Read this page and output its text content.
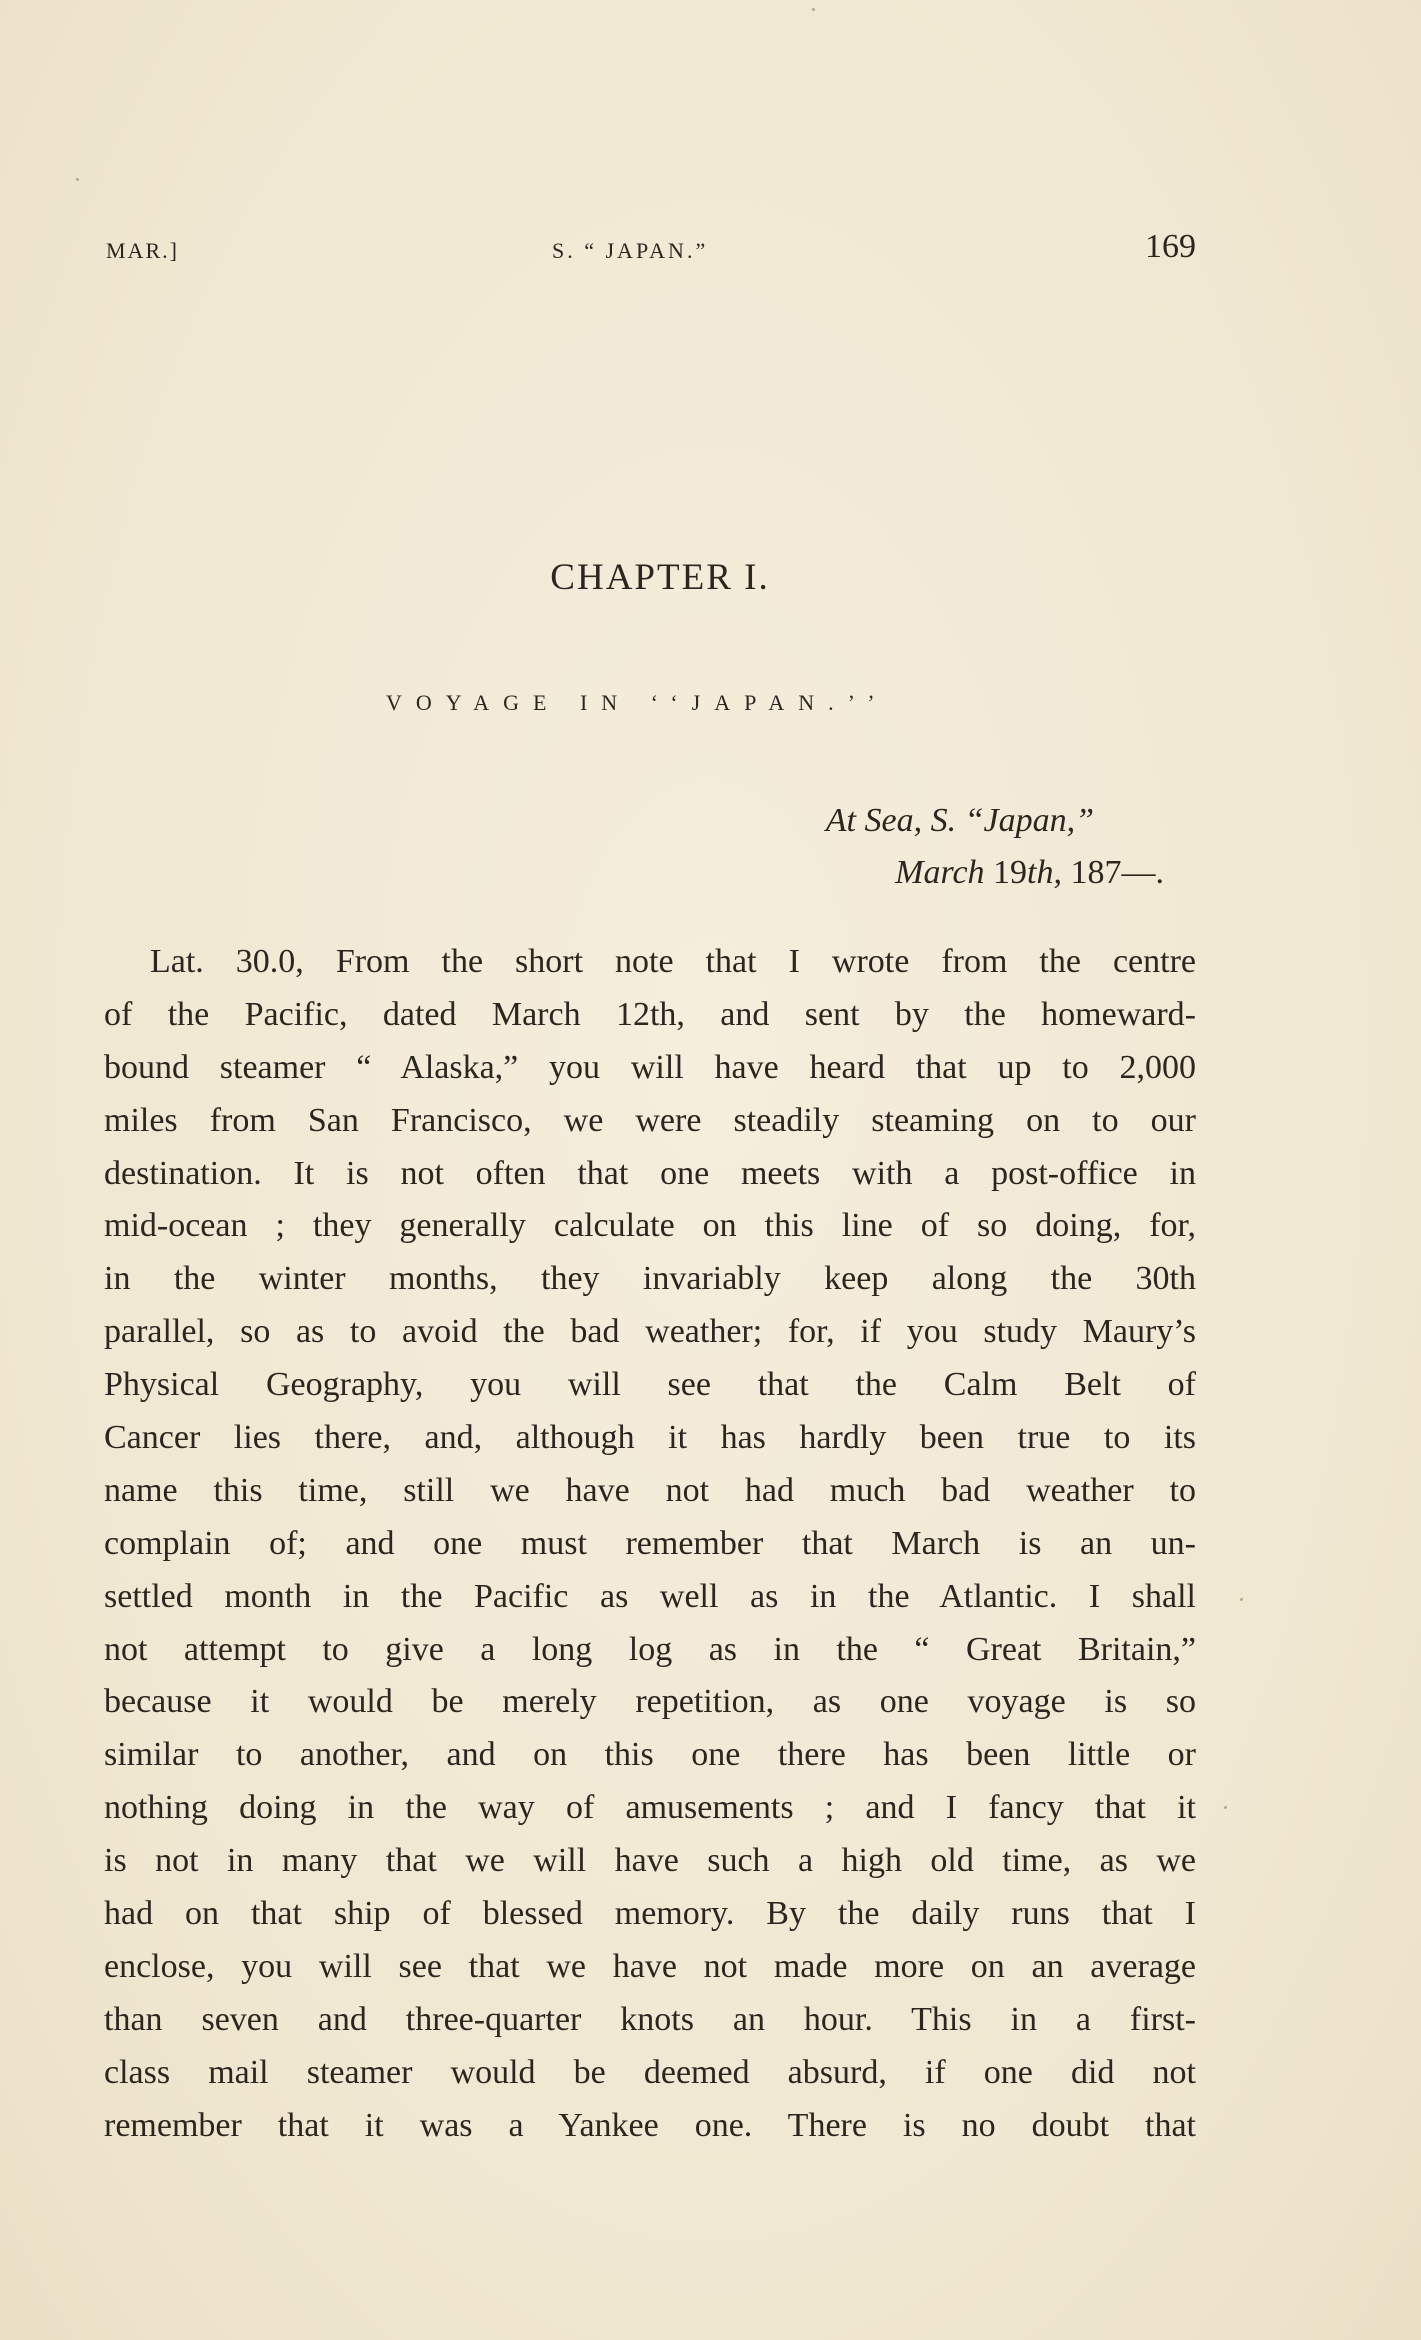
MAR.]	S. “ JAPAN.”	169
CHAPTER I.
VOYAGE IN ‘‘JAPAN.’’
At Sea, S. “Japan,”
March 19th, 187—.
Lat. 30.0, From the short note that I wrote from the centre
of the Pacific, dated March 12th, and sent by the homeward-
bound steamer “ Alaska,” you will have heard that up to 2,000
miles from San Francisco, we were steadily steaming on to our
destination. It is not often that one meets with a post-office in
mid-ocean ; they generally calculate on this line of so doing, for,
in the winter months, they invariably keep along the 30th
parallel, so as to avoid the bad weather; for, if you study Maury’s
Physical Geography, you will see that the Calm Belt of
Cancer lies there, and, although it has hardly been true to its
name this time, still we have not had much bad weather to
complain of; and one must remember that March is an un-
settled month in the Pacific as well as in the Atlantic. I shall
not attempt to give a long log as in the “ Great Britain,”
because it would be merely repetition, as one voyage is so
similar to another, and on this one there has been little or
nothing doing in the way of amusements ; and I fancy that it
is not in many that we will have such a high old time, as we
had on that ship of blessed memory. By the daily runs that I
enclose, you will see that we have not made more on an average
than seven and three-quarter knots an hour. This in a first-
class mail steamer would be deemed absurd, if one did not
remember that it was a Yankee one. There is no doubt that
